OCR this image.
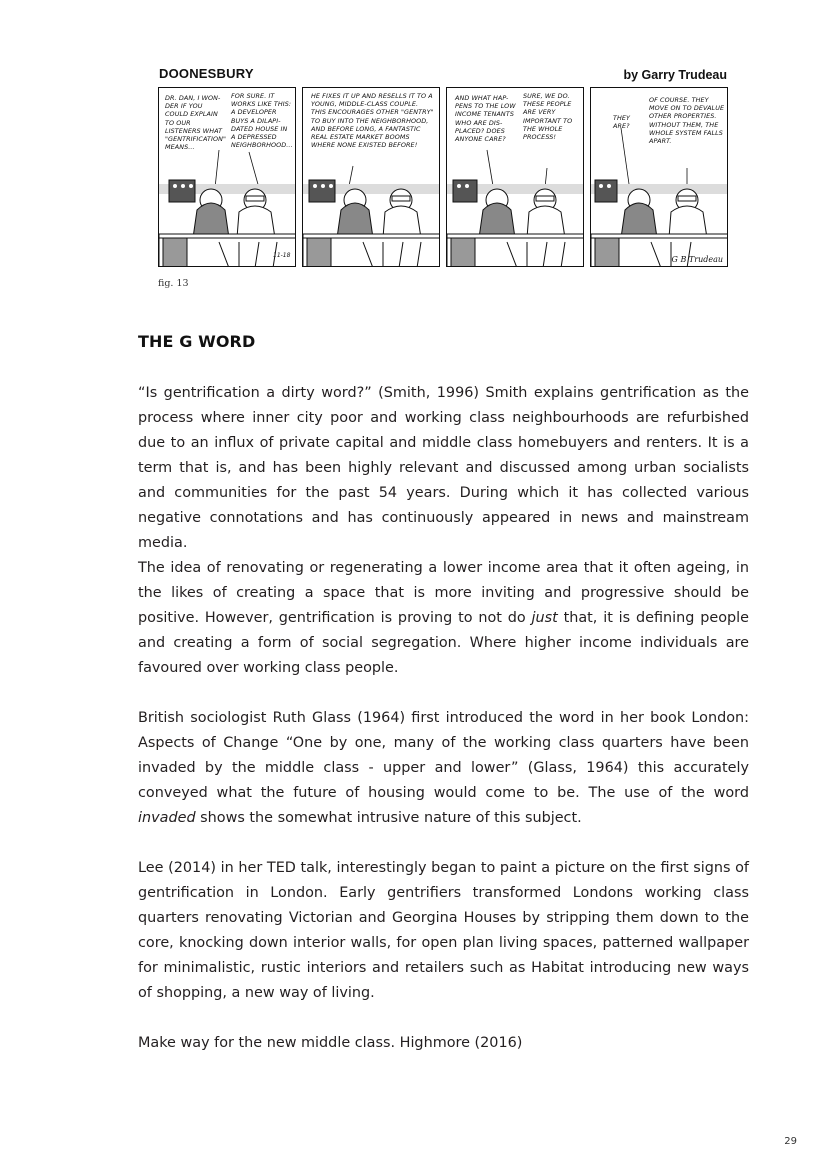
DOONESBURY	by Garry Trudeau
DR. DAN, I WON-DER IF YOU COULD EXPLAIN TO OUR LISTENERS WHAT "GENTRIFICATION" MEANS...
FOR SURE. IT WORKS LIKE THIS: A DEVELOPER BUYS A DILAPI-DATED HOUSE IN A DEPRESSED NEIGHBORHOOD...
11-18
HE FIXES IT UP AND RESELLS IT TO A YOUNG, MIDDLE-CLASS COUPLE. THIS ENCOURAGES OTHER "GENTRY" TO BUY INTO THE NEIGHBORHOOD, AND BEFORE LONG, A FANTASTIC REAL ESTATE MARKET BOOMS WHERE NONE EXISTED BEFORE!
AND WHAT HAP-PENS TO THE LOW INCOME TENANTS WHO ARE DIS-PLACED? DOES ANYONE CARE?
SURE, WE DO. THESE PEOPLE ARE VERY IMPORTANT TO THE WHOLE PROCESS!
THEY ARE?
OF COURSE. THEY MOVE ON TO DEVALUE OTHER PROPERTIES. WITHOUT THEM, THE WHOLE SYSTEM FALLS APART.
G B Trudeau
fig. 13
THE G WORD

“Is gentrification a dirty word?” (Smith, 1996) Smith explains gentrification as the process where inner city poor and working class neighbourhoods are refurbished due to an influx of private capital and middle class homebuyers and renters. It is a term that is, and has been highly relevant and discussed among urban socialists and communities for the past 54 years. During which it has collected various negative connotations and has continuously appeared in news and mainstream media.

The idea of renovating or regenerating a lower income area that it often ageing, in the likes of creating a space that is more inviting and progressive should be positive. However, gentrification is proving to not do just that, it is defining people and creating a form of social segregation. Where higher income individuals are favoured over working class people.

British sociologist Ruth Glass (1964) first introduced the word in her book London: Aspects of Change “One by one, many of the working class quarters have been invaded by the middle class - upper and lower” (Glass, 1964) this accurately conveyed what the future of housing would come to be. The use of the word invaded shows the somewhat intrusive nature of this subject.

Lee (2014) in her TED talk, interestingly began to paint a picture on the first signs of gentrification in London. Early gentrifiers transformed Londons working class quarters renovating Victorian and Georgina Houses by stripping them down to the core, knocking down interior walls, for open plan living spaces, patterned wallpaper for minimalistic, rustic interiors and retailers such as Habitat introducing new ways of shopping, a new way of living.

Make way for the new middle class. Highmore (2016)

29
